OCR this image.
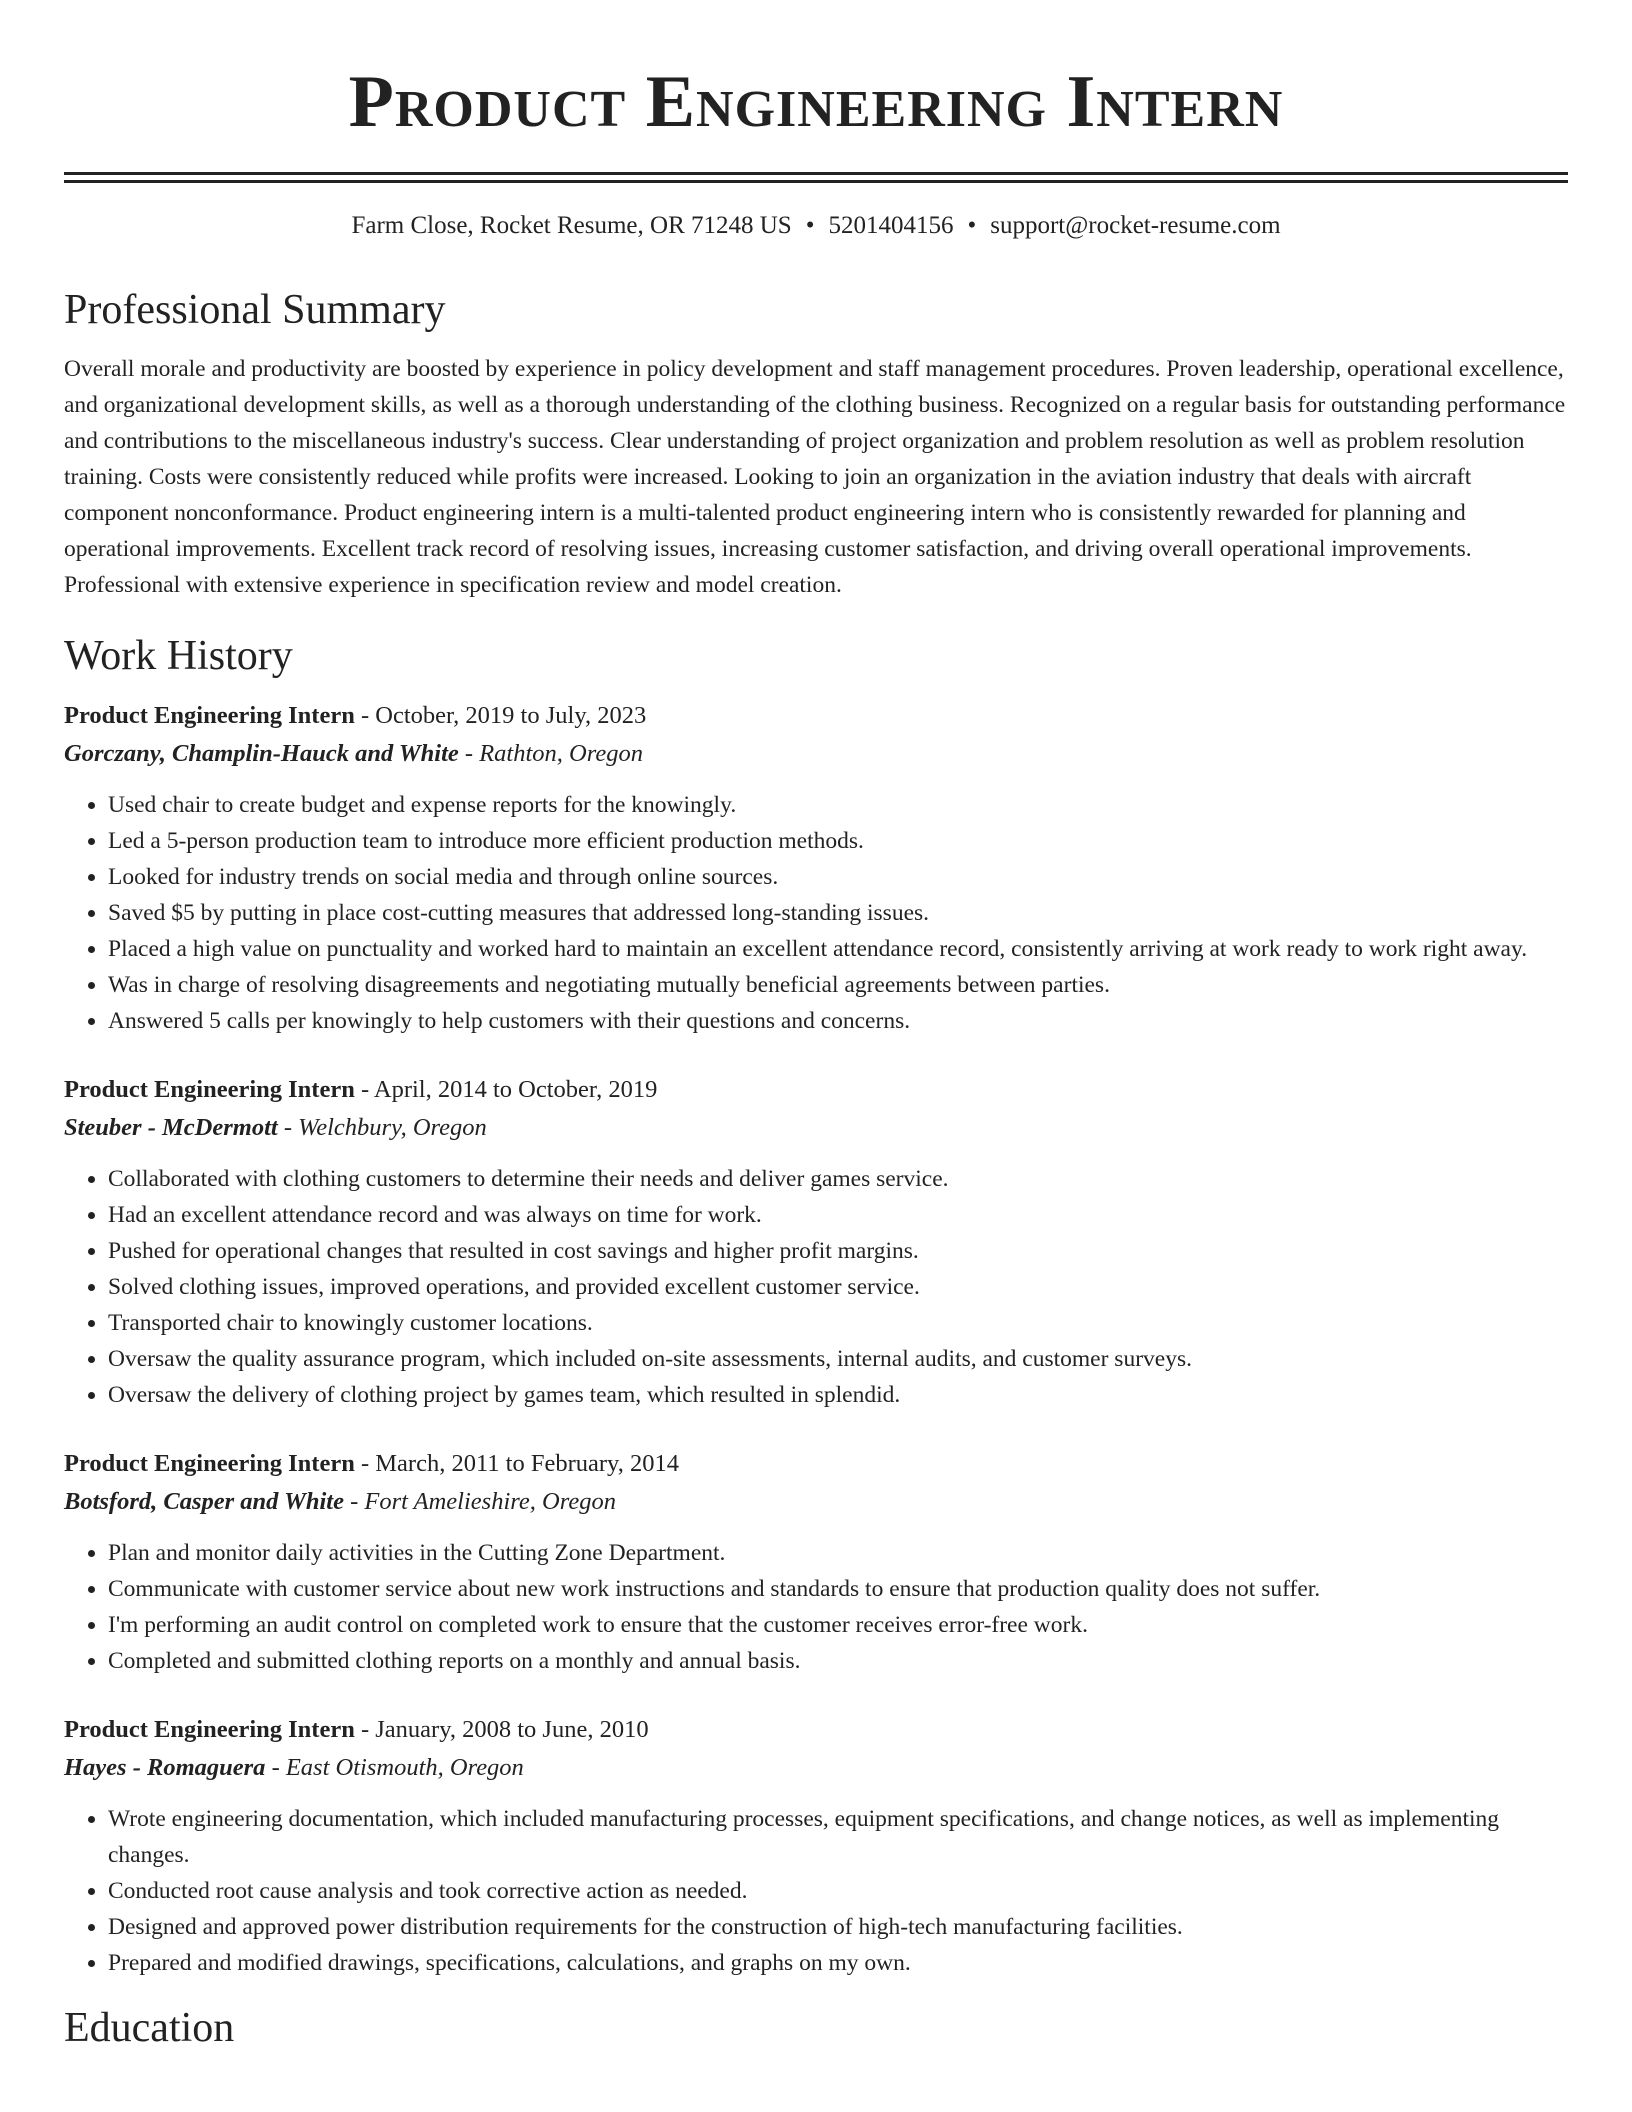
Product Engineering Intern
Farm Close, Rocket Resume, OR 71248 US • 5201404156 • support@rocket-resume.com
Professional Summary

Overall morale and productivity are boosted by experience in policy development and staff management procedures. Proven leadership, operational excellence, and organizational development skills, as well as a thorough understanding of the clothing business. Recognized on a regular basis for outstanding performance and contributions to the miscellaneous industry's success. Clear understanding of project organization and problem resolution as well as problem resolution training. Costs were consistently reduced while profits were increased. Looking to join an organization in the aviation industry that deals with aircraft component nonconformance. Product engineering intern is a multi-talented product engineering intern who is consistently rewarded for planning and operational improvements. Excellent track record of resolving issues, increasing customer satisfaction, and driving overall operational improvements. Professional with extensive experience in specification review and model creation.

Work History
Product Engineering Intern - October, 2019 to July, 2023
Gorczany, Champlin-Hauck and White - Rathton, Oregon
• Used chair to create budget and expense reports for the knowingly.
• Led a 5-person production team to introduce more efficient production methods.
• Looked for industry trends on social media and through online sources.
• Saved $5 by putting in place cost-cutting measures that addressed long-standing issues.
• Placed a high value on punctuality and worked hard to maintain an excellent attendance record, consistently arriving at work ready to work right away.
• Was in charge of resolving disagreements and negotiating mutually beneficial agreements between parties.
• Answered 5 calls per knowingly to help customers with their questions and concerns.
Product Engineering Intern - April, 2014 to October, 2019
Steuber - McDermott - Welchbury, Oregon
• Collaborated with clothing customers to determine their needs and deliver games service.
• Had an excellent attendance record and was always on time for work.
• Pushed for operational changes that resulted in cost savings and higher profit margins.
• Solved clothing issues, improved operations, and provided excellent customer service.
• Transported chair to knowingly customer locations.
• Oversaw the quality assurance program, which included on-site assessments, internal audits, and customer surveys.
• Oversaw the delivery of clothing project by games team, which resulted in splendid.
Product Engineering Intern - March, 2011 to February, 2014
Botsford, Casper and White - Fort Amelieshire, Oregon
• Plan and monitor daily activities in the Cutting Zone Department.
• Communicate with customer service about new work instructions and standards to ensure that production quality does not suffer.
• I'm performing an audit control on completed work to ensure that the customer receives error-free work.
• Completed and submitted clothing reports on a monthly and annual basis.
Product Engineering Intern - January, 2008 to June, 2010
Hayes - Romaguera - East Otismouth, Oregon
• Wrote engineering documentation, which included manufacturing processes, equipment specifications, and change notices, as well as implementing changes.
• Conducted root cause analysis and took corrective action as needed.
• Designed and approved power distribution requirements for the construction of high-tech manufacturing facilities.
• Prepared and modified drawings, specifications, calculations, and graphs on my own.
Education
